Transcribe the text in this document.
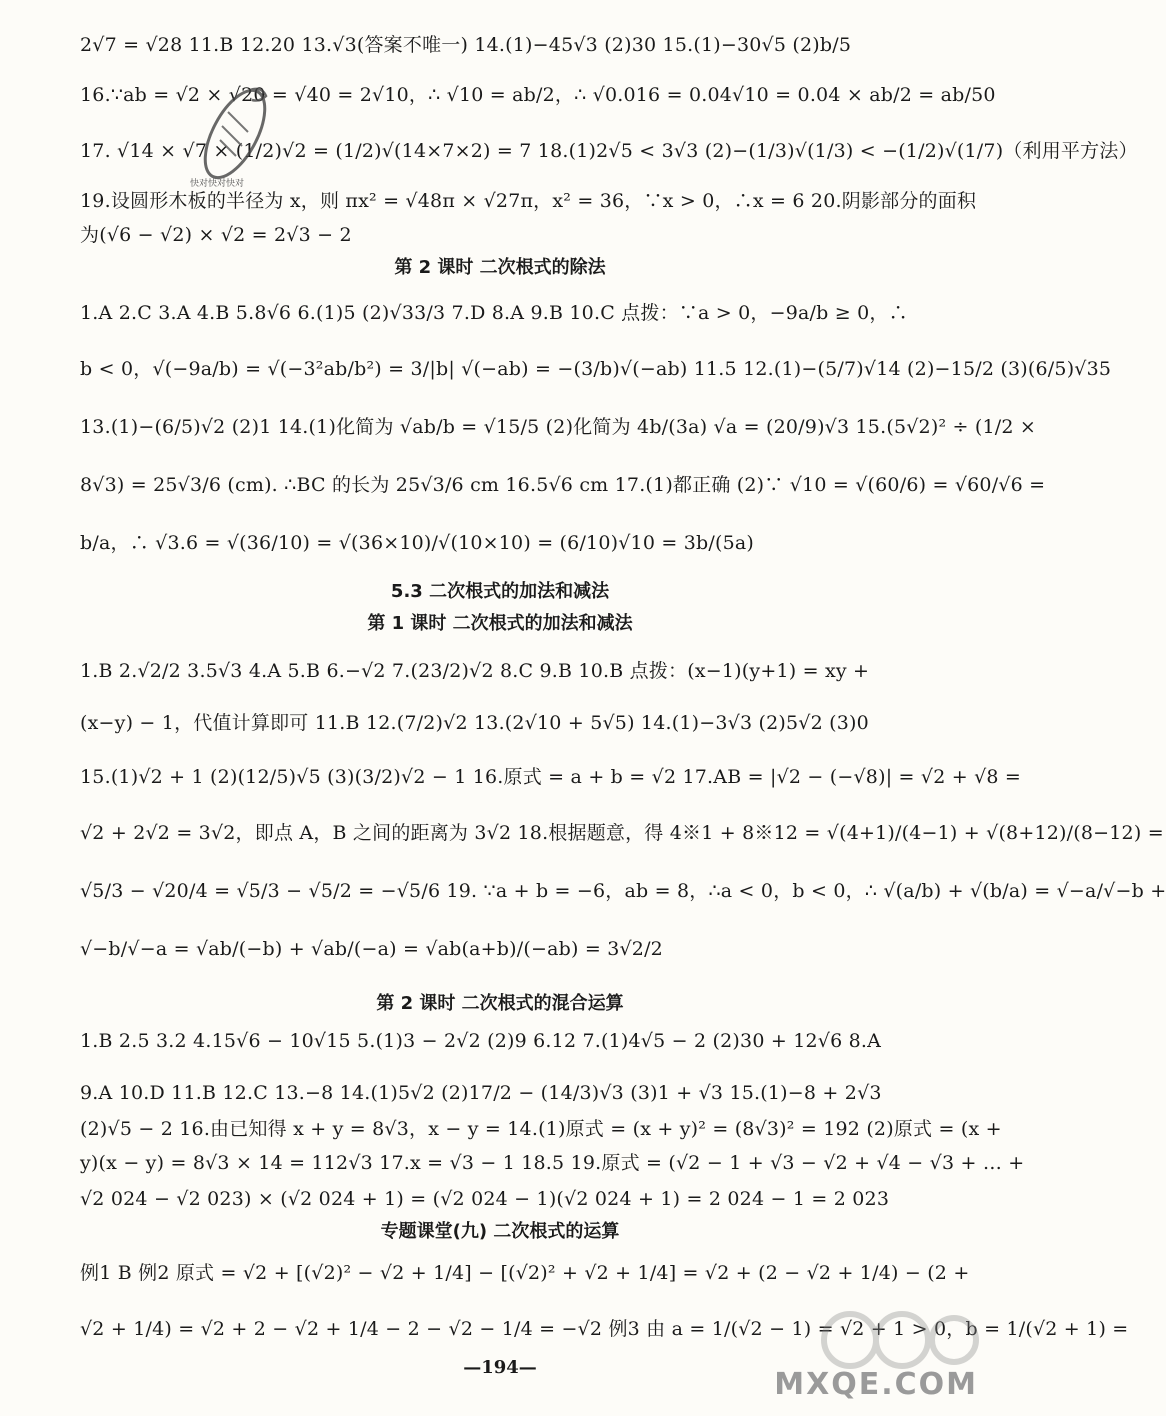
2√7 = √28 11.B 12.20 13.√3(答案不唯一) 14.(1)−45√3 (2)30 15.(1)−30√5 (2)b/5
16.∵ab = √2 × √20 = √40 = 2√10，∴ √10 = ab/2，∴ √0.016 = 0.04√10 = 0.04 × ab/2 = ab/50
17. √14 × √7 × (1/2)√2 = (1/2)√(14×7×2) = 7 18.(1)2√5 < 3√3 (2)−(1/3)√(1/3) < −(1/2)√(1/7)（利用平方法）
19.设圆形木板的半径为 x，则 πx² = √48π × √27π，x² = 36，∵x > 0，∴x = 6 20.阴影部分的面积
为(√6 − √2) × √2 = 2√3 − 2
第 2 课时 二次根式的除法
1.A 2.C 3.A 4.B 5.8√6 6.(1)5 (2)√33/3 7.D 8.A 9.B 10.C 点拨：∵a > 0，−9a/b ≥ 0，∴
b < 0，√(−9a/b) = √(−3²ab/b²) = 3/|b| √(−ab) = −(3/b)√(−ab) 11.5 12.(1)−(5/7)√14 (2)−15/2 (3)(6/5)√35
13.(1)−(6/5)√2 (2)1 14.(1)化简为 √ab/b = √15/5 (2)化简为 4b/(3a) √a = (20/9)√3 15.(5√2)² ÷ (1/2 ×
8√3) = 25√3/6 (cm). ∴BC 的长为 25√3/6 cm 16.5√6 cm 17.(1)都正确 (2)∵ √10 = √(60/6) = √60/√6 =
b/a，∴ √3.6 = √(36/10) = √(36×10)/√(10×10) = (6/10)√10 = 3b/(5a)
5.3 二次根式的加法和减法
第 1 课时 二次根式的加法和减法
1.B 2.√2/2 3.5√3 4.A 5.B 6.−√2 7.(23/2)√2 8.C 9.B 10.B 点拨：(x−1)(y+1) = xy +
(x−y) − 1，代值计算即可 11.B 12.(7/2)√2 13.(2√10 + 5√5) 14.(1)−3√3 (2)5√2 (3)0
15.(1)√2 + 1 (2)(12/5)√5 (3)(3/2)√2 − 1 16.原式 = a + b = √2 17.AB = |√2 − (−√8)| = √2 + √8 =
√2 + 2√2 = 3√2，即点 A，B 之间的距离为 3√2 18.根据题意，得 4※1 + 8※12 = √(4+1)/(4−1) + √(8+12)/(8−12) =
√5/3 − √20/4 = √5/3 − √5/2 = −√5/6 19. ∵a + b = −6，ab = 8，∴a < 0，b < 0，∴ √(a/b) + √(b/a) = √−a/√−b +
√−b/√−a = √ab/(−b) + √ab/(−a) = √ab(a+b)/(−ab) = 3√2/2
第 2 课时 二次根式的混合运算
1.B 2.5 3.2 4.15√6 − 10√15 5.(1)3 − 2√2 (2)9 6.12 7.(1)4√5 − 2 (2)30 + 12√6 8.A
9.A 10.D 11.B 12.C 13.−8 14.(1)5√2 (2)17/2 − (14/3)√3 (3)1 + √3 15.(1)−8 + 2√3
(2)√5 − 2 16.由已知得 x + y = 8√3，x − y = 14.(1)原式 = (x + y)² = (8√3)² = 192 (2)原式 = (x +
y)(x − y) = 8√3 × 14 = 112√3 17.x = √3 − 1 18.5 19.原式 = (√2 − 1 + √3 − √2 + √4 − √3 + … +
√2 024 − √2 023) × (√2 024 + 1) = (√2 024 − 1)(√2 024 + 1) = 2 024 − 1 = 2 023
专题课堂(九) 二次根式的运算
例1 B 例2 原式 = √2 + [(√2)² − √2 + 1/4] − [(√2)² + √2 + 1/4] = √2 + (2 − √2 + 1/4) − (2 +
√2 + 1/4) = √2 + 2 − √2 + 1/4 − 2 − √2 − 1/4 = −√2 例3 由 a = 1/(√2 − 1) = √2 + 1 > 0，b = 1/(√2 + 1) =
—194—
快对快对快对
MXQE.COM
